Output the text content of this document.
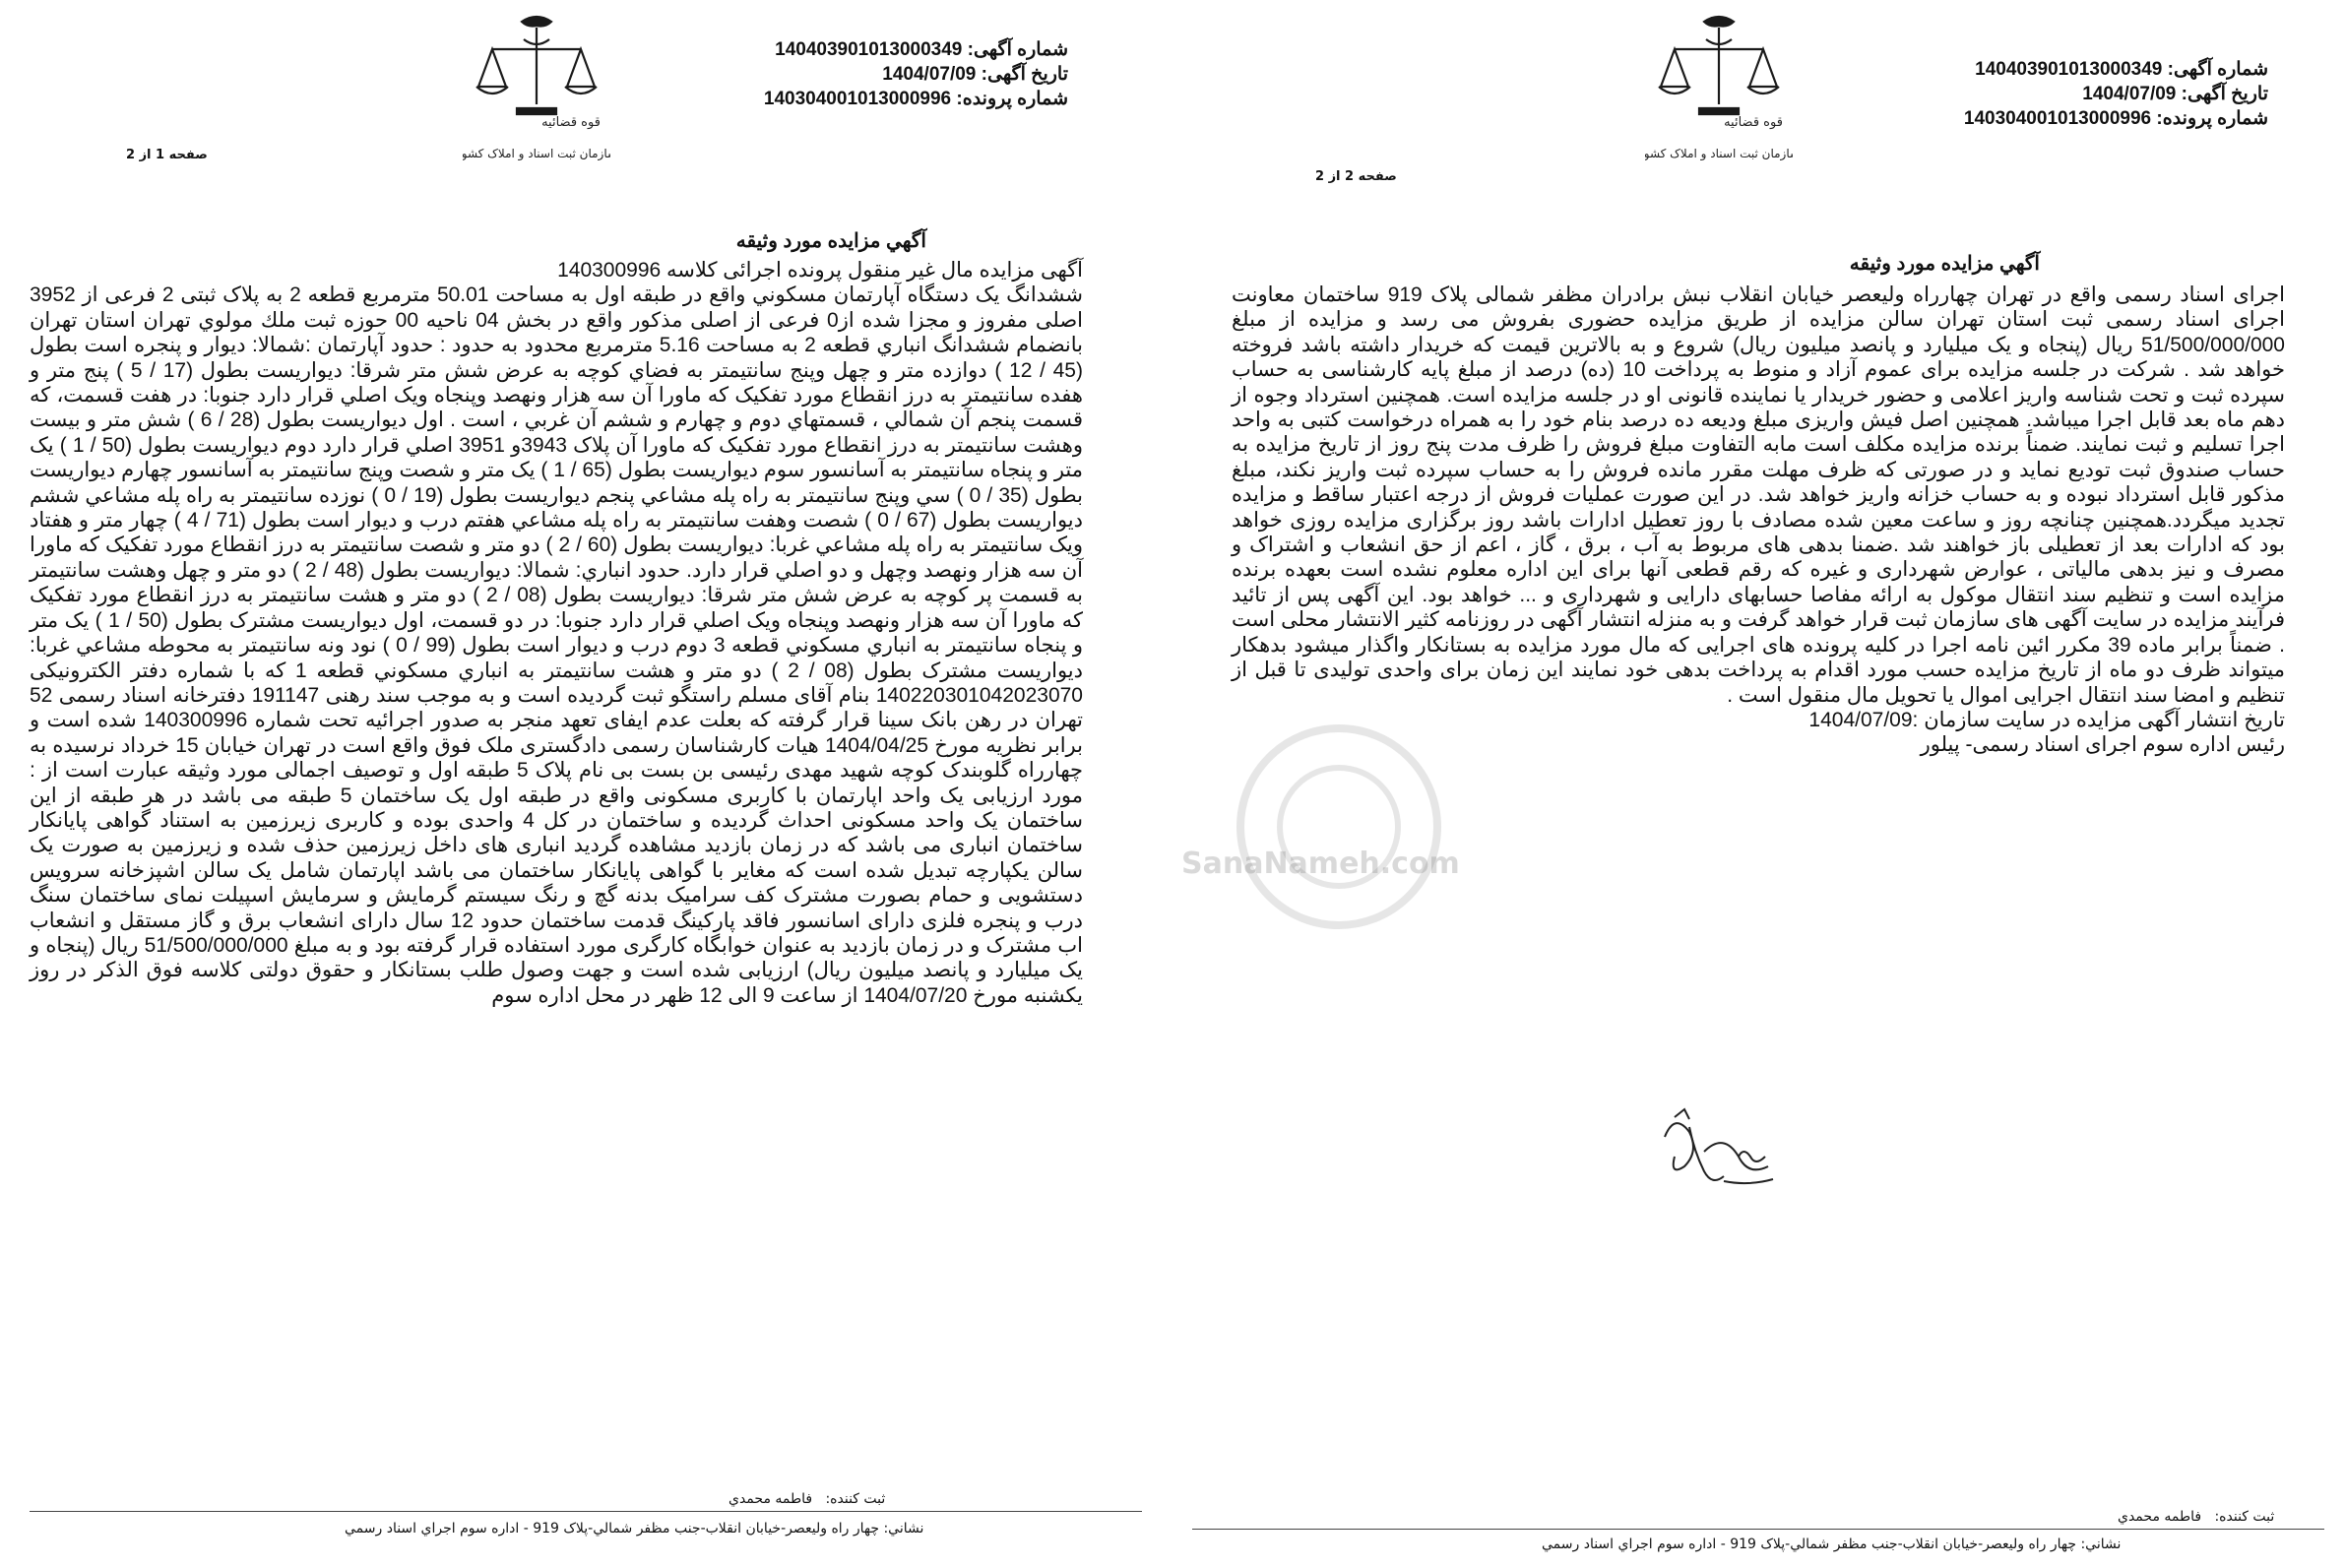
قوه قضائیه
سازمان ثبت اسناد و املاک کشور
شماره آگهی: 140403901013000349
تاریخ آگهی: 1404/07/09
شماره پرونده: 140304001013000996
صفحه 1 از 2
آگهي مزايده مورد وثيقه

آگهی مزایده مال غیر منقول پرونده اجرائی کلاسه 140300996

ششدانگ يک دستگاه آپارتمان مسكوني واقع در طبقه اول به مساحت 50.01 مترمربع قطعه 2 به پلاک ثبتی 2 فرعی از 3952 اصلی مفروز و مجزا شده از0 فرعی از اصلی مذکور واقع در بخش 04 ناحیه 00 حوزه ثبت ملك مولوي تهران استان تهران بانضمام ششدانگ انباري قطعه 2 به مساحت 5.16 مترمربع محدود به حدود : حدود آپارتمان :شمالا: ديوار و پنجره است بطول (45 / 12 ) دوازده متر و چهل وپنج سانتيمتر به فضاي كوچه به عرض شش متر شرقا: ديواريست بطول (17 / 5 ) پنج متر و هفده سانتيمتر به درز انقطاع مورد تفكيک كه ماورا آن سه هزار ونهصد وپنجاه ويک اصلي قرار دارد جنوبا: در هفت قسمت، كه قسمت پنجم آن شمالي ، قسمتهاي دوم و چهارم و ششم آن غربي ، است . اول ديواريست بطول (28 / 6 ) شش متر و بيست وهشت سانتيمتر به درز انقطاع مورد تفكيک كه ماورا آن پلاک 3943و 3951 اصلي قرار دارد دوم ديواريست بطول (50 / 1 ) يک متر و پنجاه سانتيمتر به آسانسور سوم ديواريست بطول (65 / 1 ) يک متر و شصت وپنج سانتيمتر به آسانسور چهارم ديواريست بطول (35 / 0 ) سي وپنج سانتيمتر به راه پله مشاعي پنجم ديواريست بطول (19 / 0 ) نوزده سانتيمتر به راه پله مشاعي ششم ديواريست بطول (67 / 0 ) شصت وهفت سانتيمتر به راه پله مشاعي هفتم درب و ديوار است بطول (71 / 4 ) چهار متر و هفتاد ويک سانتيمتر به راه پله مشاعي غربا: ديواريست بطول (60 / 2 ) دو متر و شصت سانتيمتر به درز انقطاع مورد تفكيک كه ماورا آن سه هزار ونهصد وچهل و دو اصلي قرار دارد. حدود انباري: شمالا: ديواريست بطول (48 / 2 ) دو متر و چهل وهشت سانتيمتر به قسمت پر كوچه به عرض شش متر شرقا: ديواريست بطول (08 / 2 ) دو متر و هشت سانتيمتر به درز انقطاع مورد تفكيک كه ماورا آن سه هزار ونهصد وپنجاه ويک اصلي قرار دارد جنوبا: در دو قسمت، اول ديواريست مشترک بطول (50 / 1 ) يک متر و پنجاه سانتيمتر به انباري مسكوني قطعه 3 دوم درب و ديوار است بطول (99 / 0 ) نود ونه سانتيمتر به محوطه مشاعي غربا: ديواريست مشترک بطول (08 / 2 ) دو متر و هشت سانتيمتر به انباري مسكوني قطعه 1 که با شماره دفتر الکترونیکی 140220301042023070 بنام آقای مسلم راستگو ثبت گردیده است و به موجب سند رهنی 191147 دفترخانه اسناد رسمی 52 تهران در رهن بانک سینا قرار گرفته که بعلت عدم ایفای تعهد منجر به صدور اجرائیه تحت شماره 140300996 شده است و برابر نظریه مورخ 1404/04/25 هیات کارشناسان رسمی دادگستری ملک فوق واقع است در تهران خیابان 15 خرداد نرسیده به چهارراه گلوبندک کوچه شهید مهدی رئیسی بن بست بی نام پلاک 5 طبقه اول و توصیف اجمالی مورد وثیقه عبارت است از : مورد ارزیابی یک واحد اپارتمان با کاربری مسکونی واقع در طبقه اول یک ساختمان 5 طبقه می باشد در هر طبقه از این ساختمان یک واحد مسکونی احداث گردیده و ساختمان در کل 4 واحدی بوده و کاربری زیرزمین به استناد گواهی پایانکار ساختمان انباری می باشد که در زمان بازدید مشاهده گردید انباری های داخل زیرزمین حذف شده و زیرزمین به صورت یک سالن یکپارچه تبدیل شده است که مغایر با گواهی پایانکار ساختمان می باشد اپارتمان شامل یک سالن اشپزخانه سرویس دستشویی و حمام بصورت مشترک کف سرامیک بدنه گچ و رنگ سیستم گرمایش و سرمایش اسپیلت نمای ساختمان سنگ درب و پنجره فلزی دارای اسانسور فاقد پارکینگ قدمت ساختمان حدود 12 سال دارای انشعاب برق و گاز مستقل و انشعاب اب مشترک و در زمان بازدید به عنوان خوابگاه کارگری مورد استفاده قرار گرفته بود و به مبلغ 51/500/000/000 ریال (پنجاه و یک میلیارد و پانصد میلیون ریال) ارزیابی شده است و جهت وصول طلب بستانکار و حقوق دولتی کلاسه فوق الذکر در روز یکشنبه مورخ 1404/07/20 از ساعت 9 الی 12 ظهر در محل اداره سوم

ثبت كننده:   فاطمه محمدي
نشاني: چهار راه وليعصر-خيابان انقلاب-جنب مظفر شمالي-پلاک 919 - اداره سوم اجراي اسناد رسمي
قوه قضائیه
سازمان ثبت اسناد و املاک کشور
شماره آگهی: 140403901013000349
تاریخ آگهی: 1404/07/09
شماره پرونده: 140304001013000996
صفحه 2 از 2
آگهي مزايده مورد وثيقه

اجرای اسناد رسمی واقع در تهران چهارراه ولیعصر خیابان انقلاب نبش برادران مظفر شمالی پلاک 919 ساختمان معاونت اجرای اسناد رسمی ثبت استان تهران سالن مزایده از طریق مزایده حضوری بفروش می رسد و مزایده از مبلغ 51/500/000/000 ریال (پنجاه و یک میلیارد و پانصد میلیون ریال) شروع و به بالاترین قیمت که خریدار داشته باشد فروخته خواهد شد . شرکت در جلسه مزایده برای عموم آزاد و منوط به پرداخت 10 (ده) درصد از مبلغ پایه کارشناسی به حساب سپرده ثبت و تحت شناسه واریز اعلامی و حضور خریدار یا نماینده قانونی او در جلسه مزایده است. همچنین استرداد وجوه از دهم ماه بعد قابل اجرا میباشد. همچنین اصل فیش واریزی مبلغ ودیعه ده درصد بنام خود را به همراه درخواست کتبی به واحد اجرا تسلیم و ثبت نمایند. ضمناً برنده مزایده مکلف است مابه التفاوت مبلغ فروش را ظرف مدت پنج روز از تاریخ مزایده به حساب صندوق ثبت تودیع نماید و در صورتی که ظرف مهلت مقرر مانده فروش را به حساب سپرده ثبت واریز نکند، مبلغ مذکور قابل استرداد نبوده و به حساب خزانه واریز خواهد شد. در این صورت عملیات فروش از درجه اعتبار ساقط و مزایده تجدید میگردد.همچنین چنانچه روز و ساعت معین شده مصادف با روز تعطیل ادارات باشد روز برگزاری مزایده روزی خواهد بود که ادارات بعد از تعطیلی باز خواهند شد .ضمنا بدهی های مربوط به آب ، برق ، گاز ، اعم از حق انشعاب و اشتراک و مصرف و نیز بدهی مالیاتی ، عوارض شهرداری و غیره که رقم قطعی آنها برای این اداره معلوم نشده است بعهده برنده مزایده است و تنظیم سند انتقال موکول به ارائه مفاصا حسابهای دارایی و شهرداری و ... خواهد بود. این آگهی پس از تائید فرآیند مزایده در سایت آگهی های سازمان ثبت قرار خواهد گرفت و به منزله انتشار آگهی در روزنامه کثیر الانتشار محلی است . ضمناً برابر ماده 39 مکرر ائین نامه اجرا در کلیه پرونده های اجرایی که مال مورد مزایده به بستانکار واگذار میشود بدهکار میتواند ظرف دو ماه از تاریخ مزایده حسب مورد اقدام به پرداخت بدهی خود نمایند این زمان برای واحدی تولیدی تا قبل از تنظیم و امضا سند انتقال اجرایی اموال یا تحویل مال منقول است .

تاریخ انتشار آگهی مزایده در سایت سازمان :1404/07/09

رئیس اداره سوم اجرای اسناد رسمی- پیلور

ثبت كننده:   فاطمه محمدي
نشاني: چهار راه وليعصر-خيابان انقلاب-جنب مظفر شمالي-پلاک 919 - اداره سوم اجراي اسناد رسمي
SanaNameh.com
